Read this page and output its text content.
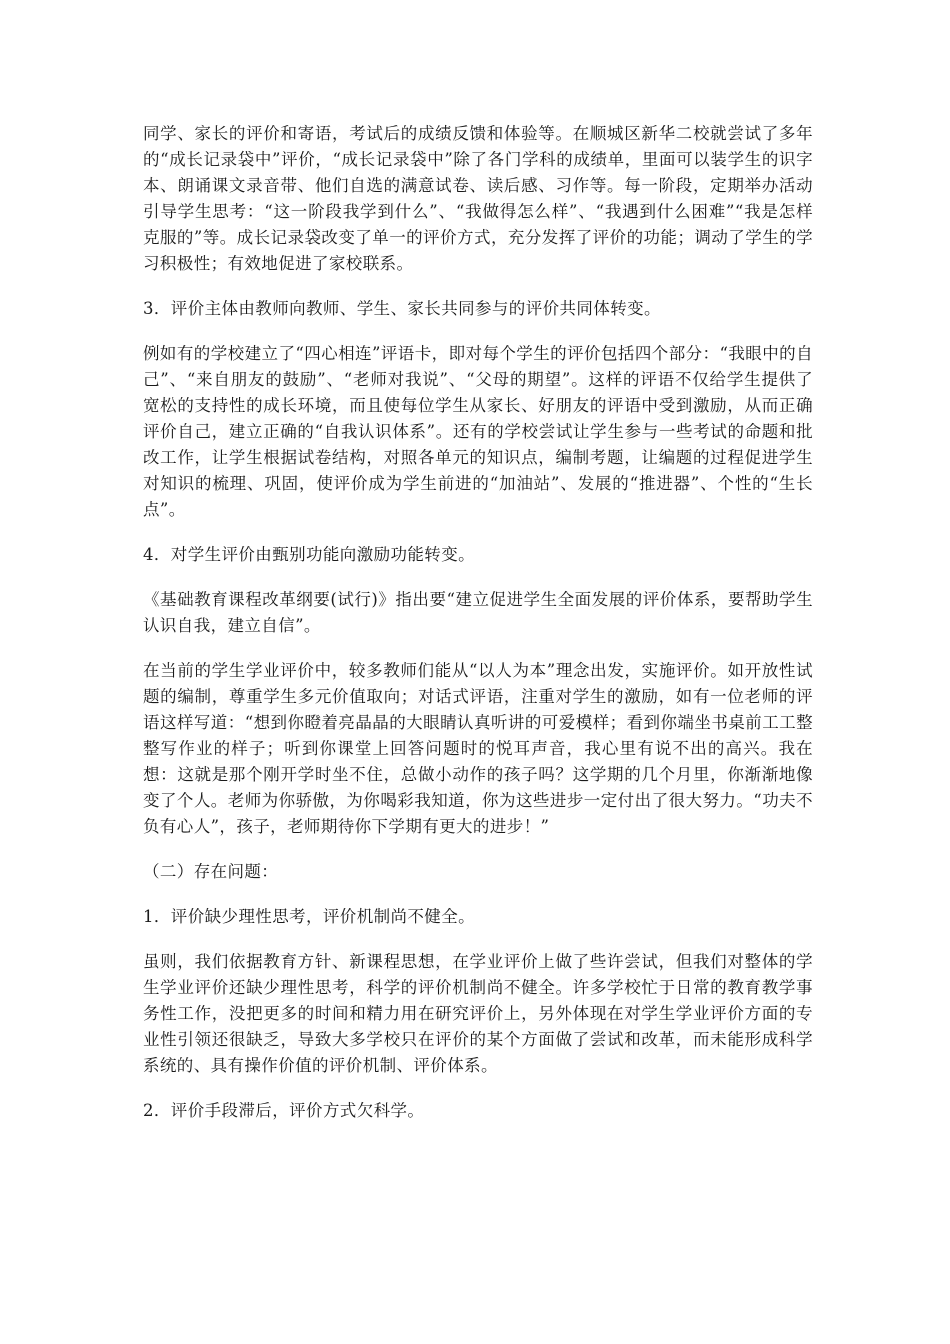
同学、家长的评价和寄语，考试后的成绩反馈和体验等。在顺城区新华二校就尝试了多年的“成长记录袋中”评价，“成长记录袋中”除了各门学科的成绩单，里面可以装学生的识字本、朗诵课文录音带、他们自选的满意试卷、读后感、习作等。每一阶段，定期举办活动引导学生思考：“这一阶段我学到什么”、“我做得怎么样”、“我遇到什么困难”“我是怎样克服的”等。成长记录袋改变了单一的评价方式，充分发挥了评价的功能；调动了学生的学习积极性；有效地促进了家校联系。

3．评价主体由教师向教师、学生、家长共同参与的评价共同体转变。

例如有的学校建立了“四心相连”评语卡，即对每个学生的评价包括四个部分：“我眼中的自己”、“来自朋友的鼓励”、“老师对我说”、“父母的期望”。这样的评语不仅给学生提供了宽松的支持性的成长环境，而且使每位学生从家长、好朋友的评语中受到激励，从而正确评价自己，建立正确的“自我认识体系”。还有的学校尝试让学生参与一些考试的命题和批改工作，让学生根据试卷结构，对照各单元的知识点，编制考题，让编题的过程促进学生对知识的梳理、巩固，使评价成为学生前进的“加油站”、发展的“推进器”、个性的“生长点”。

4．对学生评价由甄别功能向激励功能转变。

《基础教育课程改革纲要(试行)》指出要“建立促进学生全面发展的评价体系，要帮助学生认识自我，建立自信”。

在当前的学生学业评价中，较多教师们能从“以人为本”理念出发，实施评价。如开放性试题的编制，尊重学生多元价值取向；对话式评语，注重对学生的激励，如有一位老师的评语这样写道：“想到你瞪着亮晶晶的大眼睛认真听讲的可爱模样；看到你端坐书桌前工工整整写作业的样子；听到你课堂上回答问题时的悦耳声音，我心里有说不出的高兴。我在想：这就是那个刚开学时坐不住，总做小动作的孩子吗？这学期的几个月里，你渐渐地像变了个人。老师为你骄傲，为你喝彩我知道，你为这些进步一定付出了很大努力。“功夫不负有心人”，孩子，老师期待你下学期有更大的进步！”

（二）存在问题：

1．评价缺少理性思考，评价机制尚不健全。

虽则，我们依据教育方针、新课程思想，在学业评价上做了些许尝试，但我们对整体的学生学业评价还缺少理性思考，科学的评价机制尚不健全。许多学校忙于日常的教育教学事务性工作，没把更多的时间和精力用在研究评价上，另外体现在对学生学业评价方面的专业性引领还很缺乏，导致大多学校只在评价的某个方面做了尝试和改革，而未能形成科学系统的、具有操作价值的评价机制、评价体系。

2．评价手段滞后，评价方式欠科学。
